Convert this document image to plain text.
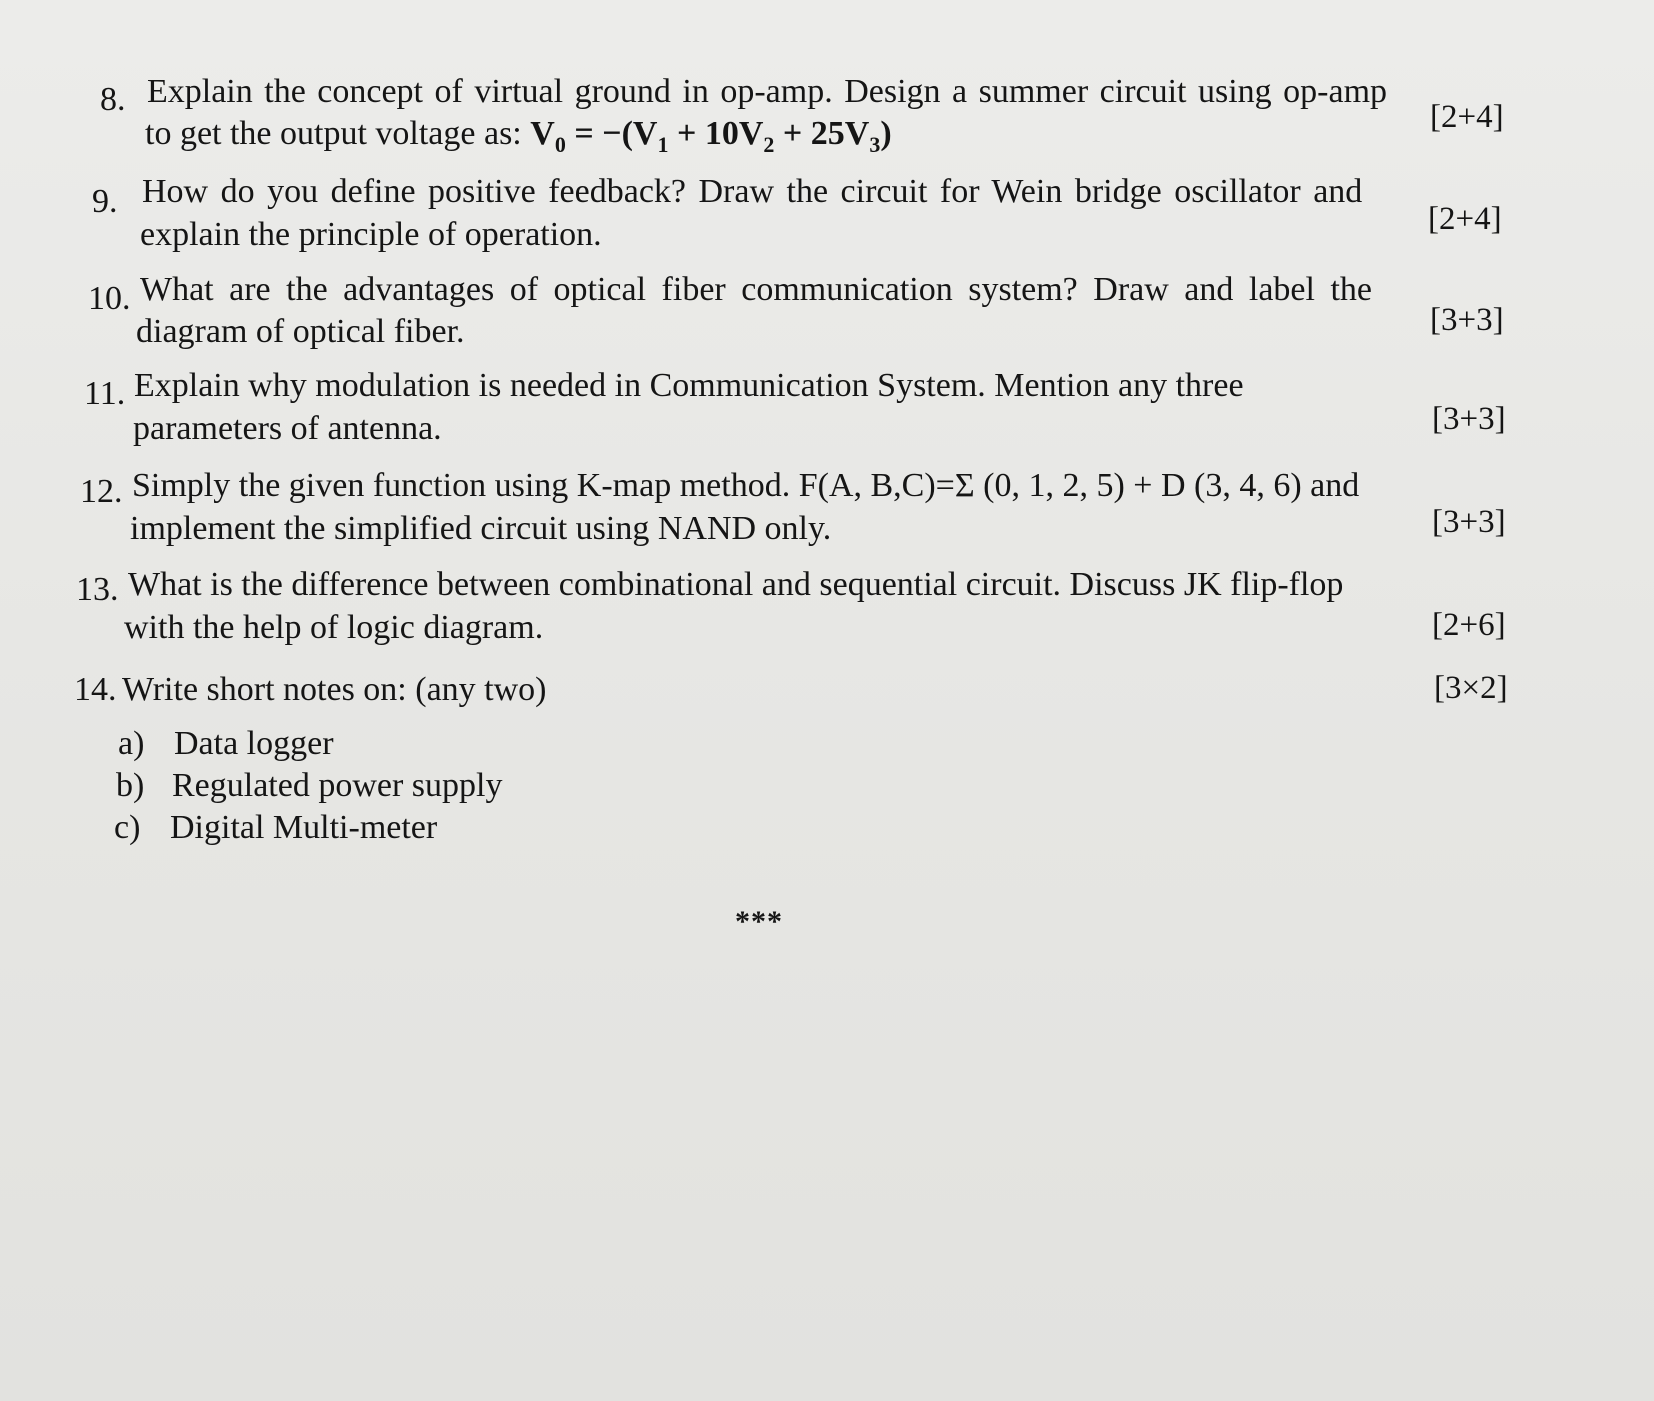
8. Explain the concept of virtual ground in op-amp. Design a summer circuit using op-amp
to get the output voltage as: $V_0 = -(V_1 + 10V_2 + 25V_3)$	[2+4]
9. How do you define positive feedback? Draw the circuit for Wein bridge oscillator and
explain the principle of operation.	[2+4]
10. What are the advantages of optical fiber communication system? Draw and label the
diagram of optical fiber.	[3+3]
11. Explain why modulation is needed in Communication System. Mention any three
parameters of antenna.	[3+3]
12. Simply the given function using K-map method. F(A, B,C)=Σ (0, 1, 2, 5) + D (3, 4, 6) and
implement the simplified circuit using NAND only.	[3+3]
13. What is the difference between combinational and sequential circuit. Discuss JK flip-flop
with the help of logic diagram.	[2+6]
14. Write short notes on: (any two)	[3×2]
a) Data logger
b) Regulated power supply
c) Digital Multi-meter
***
